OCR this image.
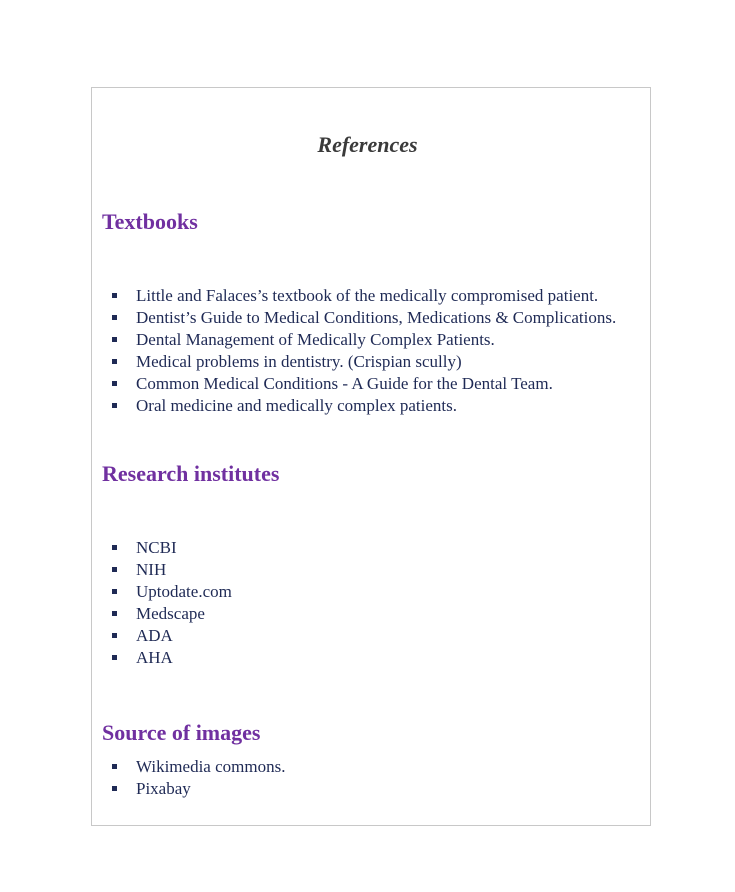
References
Textbooks
Little and Falaces’s textbook of the medically compromised patient.
Dentist’s Guide to Medical Conditions, Medications & Complications.
Dental Management of Medically Complex Patients.
Medical problems in dentistry. (Crispian scully)
Common Medical Conditions - A Guide for the Dental Team.
Oral medicine and medically complex patients.
Research institutes
NCBI
NIH
Uptodate.com
Medscape
ADA
AHA
Source of images
Wikimedia commons.
Pixabay
